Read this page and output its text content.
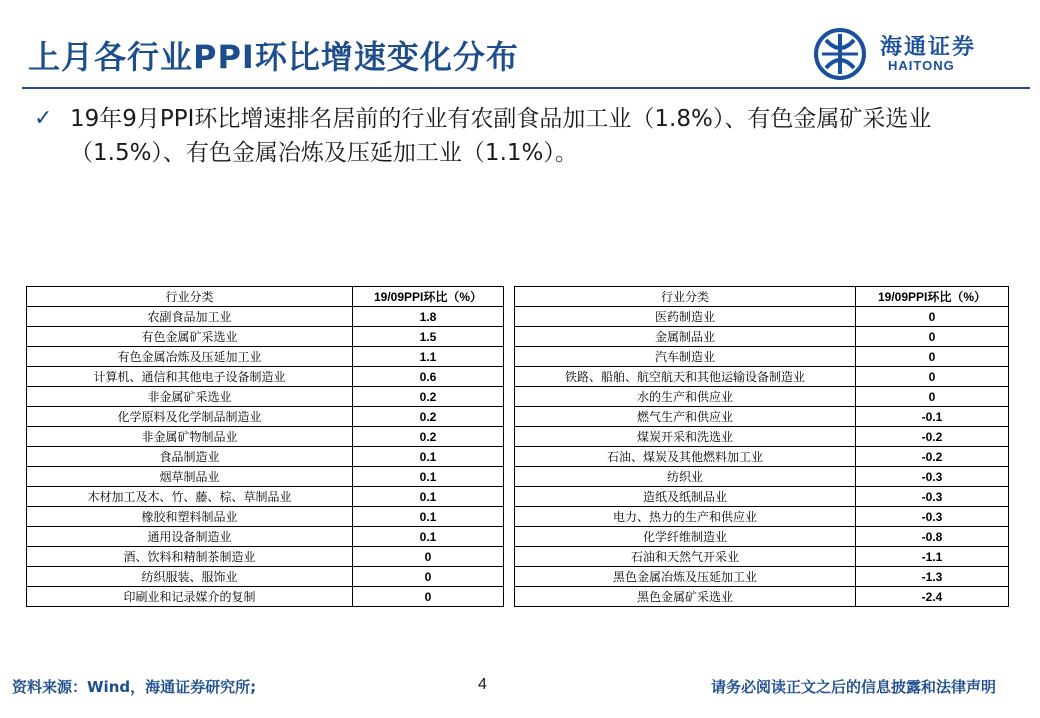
上月各行业PPI环比增速变化分布	海通证券
HAITONG
✓ 19年9月PPI环比增速排名居前的行业有农副食品加工业（1.8%）、有色金属矿采选业（1.5%）、有色金属冶炼及压延加工业（1.1%）。
行业分类	19/09PPI环比（%）
农副食品加工业	1.8
有色金属矿采选业	1.5
有色金属冶炼及压延加工业	1.1
计算机、通信和其他电子设备制造业	0.6
非金属矿采选业	0.2
化学原料及化学制品制造业	0.2
非金属矿物制品业	0.2
食品制造业	0.1
烟草制品业	0.1
木材加工及木、竹、藤、棕、草制品业	0.1
橡胶和塑料制品业	0.1
通用设备制造业	0.1
酒、饮料和精制茶制造业	0
纺织服装、服饰业	0
印刷业和记录媒介的复制	0
行业分类	19/09PPI环比（%）
医药制造业	0
金属制品业	0
汽车制造业	0
铁路、船舶、航空航天和其他运输设备制造业	0
水的生产和供应业	0
燃气生产和供应业	-0.1
煤炭开采和洗选业	-0.2
石油、煤炭及其他燃料加工业	-0.2
纺织业	-0.3
造纸及纸制品业	-0.3
电力、热力的生产和供应业	-0.3
化学纤维制造业	-0.8
石油和天然气开采业	-1.1
黑色金属冶炼及压延加工业	-1.3
黑色金属矿采选业	-2.4
资料来源：Wind，海通证券研究所;	4	请务必阅读正文之后的信息披露和法律声明
